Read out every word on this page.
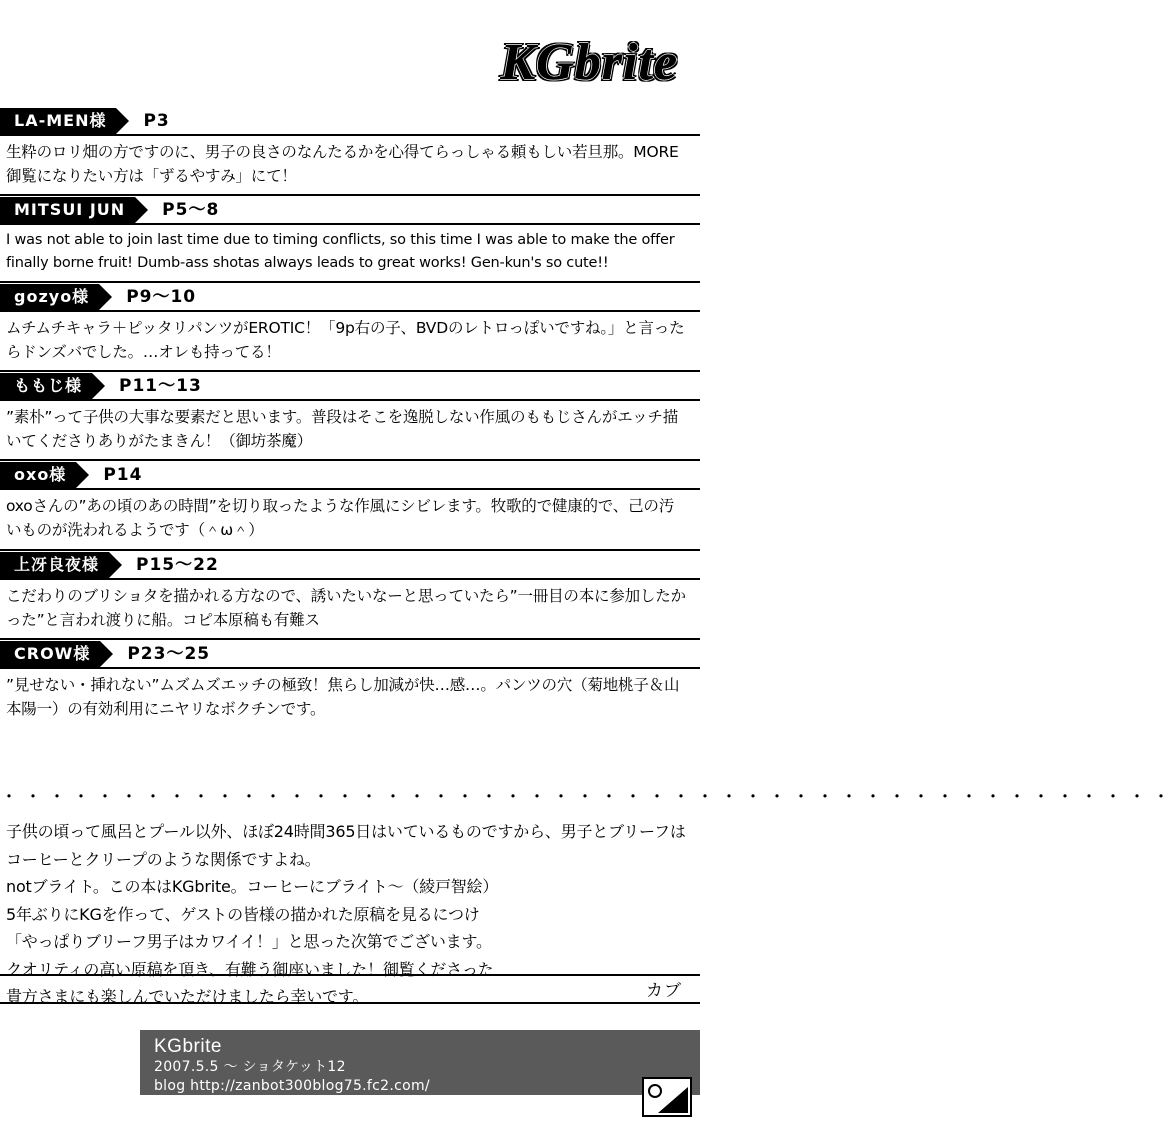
KGbrite
LA-MEN様	P3

生粋のロリ畑の方ですのに、男子の良さのなんたるかを心得てらっしゃる頼もしい若旦那。MORE御覧になりたい方は「ずるやすみ」にて！

MITSUI JUN	P5〜8

I was not able to join last time due to timing conflicts, so this time I was able to make the offer finally borne fruit! Dumb-ass shotas always leads to great works! Gen-kun's so cute!!

gozyo様	P9〜10

ムチムチキャラ＋ピッタリパンツがEROTIC！「9p右の子、BVDのレトロっぽいですね。」と言ったらドンズバでした。…オレも持ってる！

ももじ様	P11〜13

”素朴”って子供の大事な要素だと思います。普段はそこを逸脱しない作風のももじさんがエッチ描いてくださりありがたまきん！（御坊茶魔）

oxo様	P14

oxoさんの”あの頃のあの時間”を切り取ったような作風にシビレます。牧歌的で健康的で、己の汚いものが洗われるようです（＾ω＾）

上冴良夜様	P15〜22

こだわりのブリショタを描かれる方なので、誘いたいなーと思っていたら”一冊目の本に参加したかった”と言われ渡りに船。コピ本原稿も有難ス

CROW様	P23〜25

”見せない・挿れない”ムズムズエッチの極致！焦らし加減が快…感…。パンツの穴（菊地桃子＆山本陽一）の有効利用にニヤリなボクチンです。

・・・・・・・・・・・・・・・・・・・・・・・・・・・・・・・・・・・・・・・・・・・・・・・・・

子供の頃って風呂とプール以外、ほぼ24時間365日はいているものですから、男子とブリーフはコーヒーとクリープのような関係ですよね。

notブライト。この本はKGbrite。コーヒーにブライト〜（綾戸智絵）

5年ぶりにKGを作って、ゲストの皆様の描かれた原稿を見るにつけ

「やっぱりブリーフ男子はカワイイ！」と思った次第でございます。

クオリティの高い原稿を頂き、有難う御座いました！御覧くださった

貴方さまにも楽しんでいただけましたら幸いです。	カブ
KGbrite
2007.5.5 〜 ショタケット12
blog http://zanbot300blog75.fc2.com/
